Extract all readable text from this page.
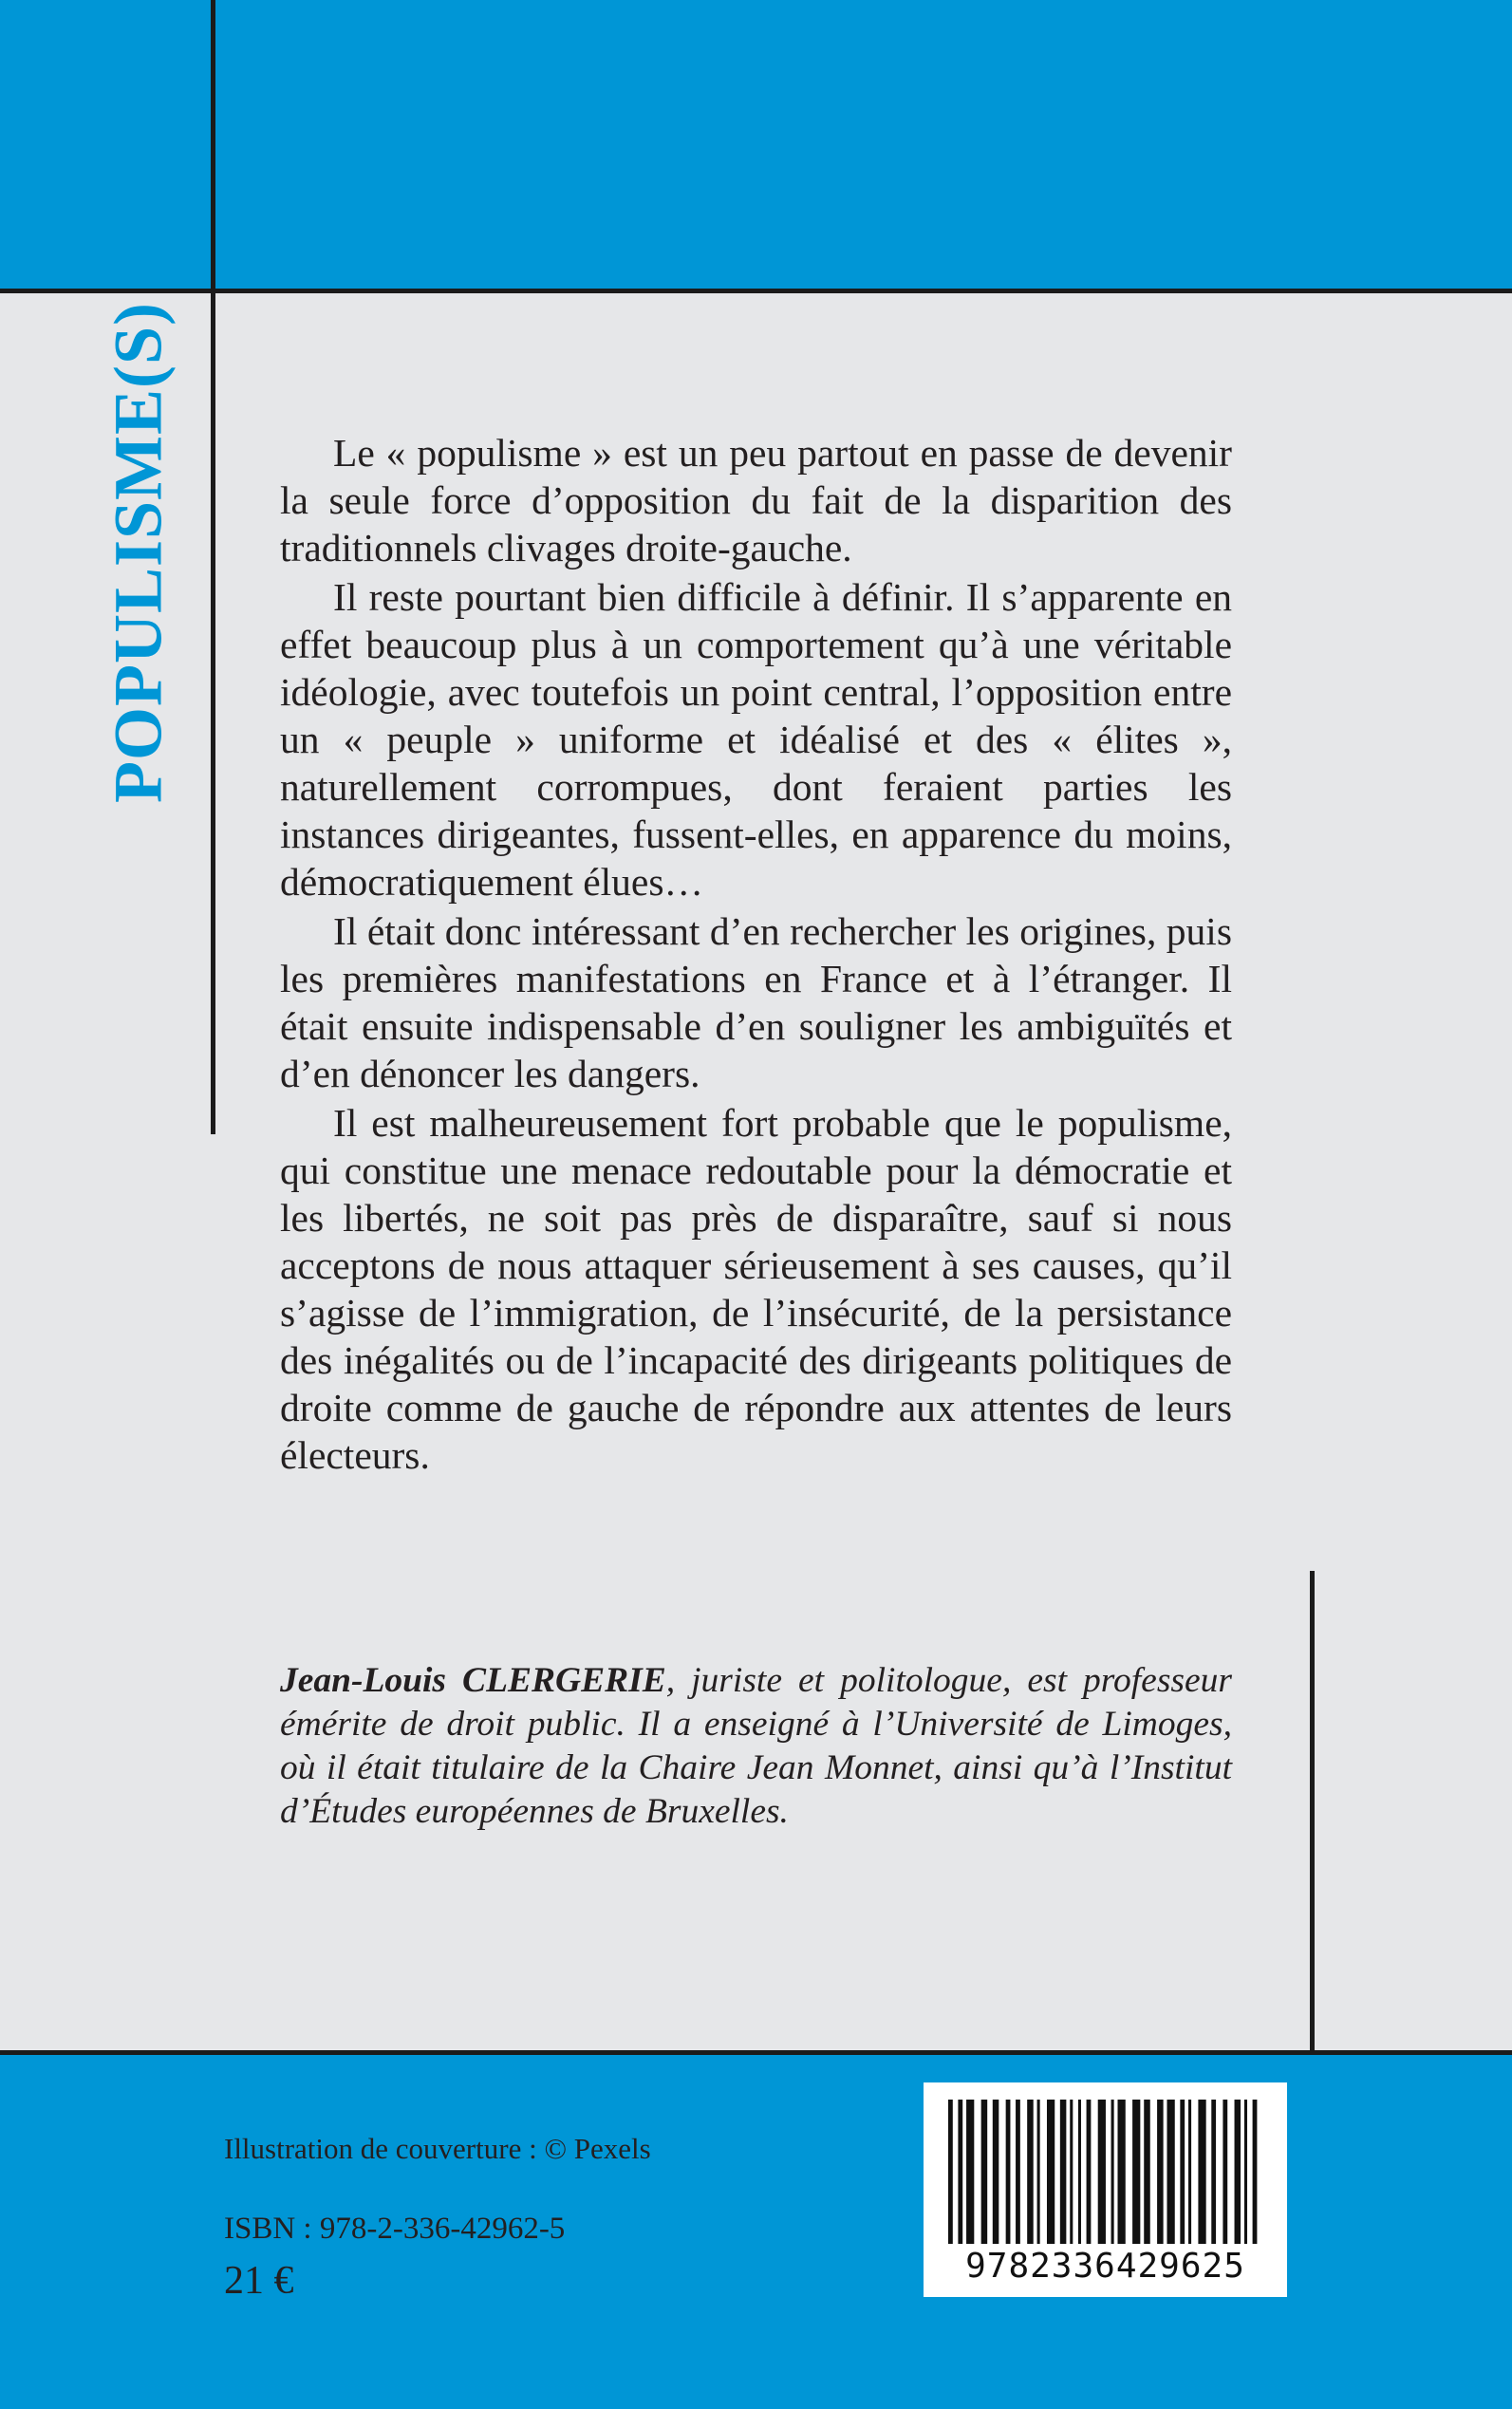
POPULISME(S)	Le « populisme » est un peu partout en passe de devenir la seule force d’opposition du fait de la disparition des traditionnels clivages droite-gauche.

Il reste pourtant bien difficile à définir. Il s’apparente en effet beaucoup plus à un comportement qu’à une véritable idéologie, avec toutefois un point central, l’opposition entre un « peuple » uniforme et idéalisé et des « élites », naturellement corrompues, dont feraient parties les instances dirigeantes, fussent-elles, en apparence du moins, démocratiquement élues…

Il était donc intéressant d’en rechercher les origines, puis les premières manifestations en France et à l’étranger. Il était ensuite indispensable d’en souligner les ambiguïtés et d’en dénoncer les dangers.

Il est malheureusement fort probable que le populisme, qui constitue une menace redoutable pour la démocratie et les libertés, ne soit pas près de disparaître, sauf si nous acceptons de nous attaquer sérieusement à ses causes, qu’il s’agisse de l’immigration, de l’insécurité, de la persistance des inégalités ou de l’incapacité des dirigeants politiques de droite comme de gauche de répondre aux attentes de leurs électeurs.

Jean-Louis CLERGERIE, juriste et politologue, est professeur émérite de droit public. Il a enseigné à l’Université de Limoges, où il était titulaire de la Chaire Jean Monnet, ainsi qu’à l’Institut d’Études européennes de Bruxelles.
Illustration de couverture : © Pexels
ISBN : 978-2-336-42962-5
21 €	9782336429625
